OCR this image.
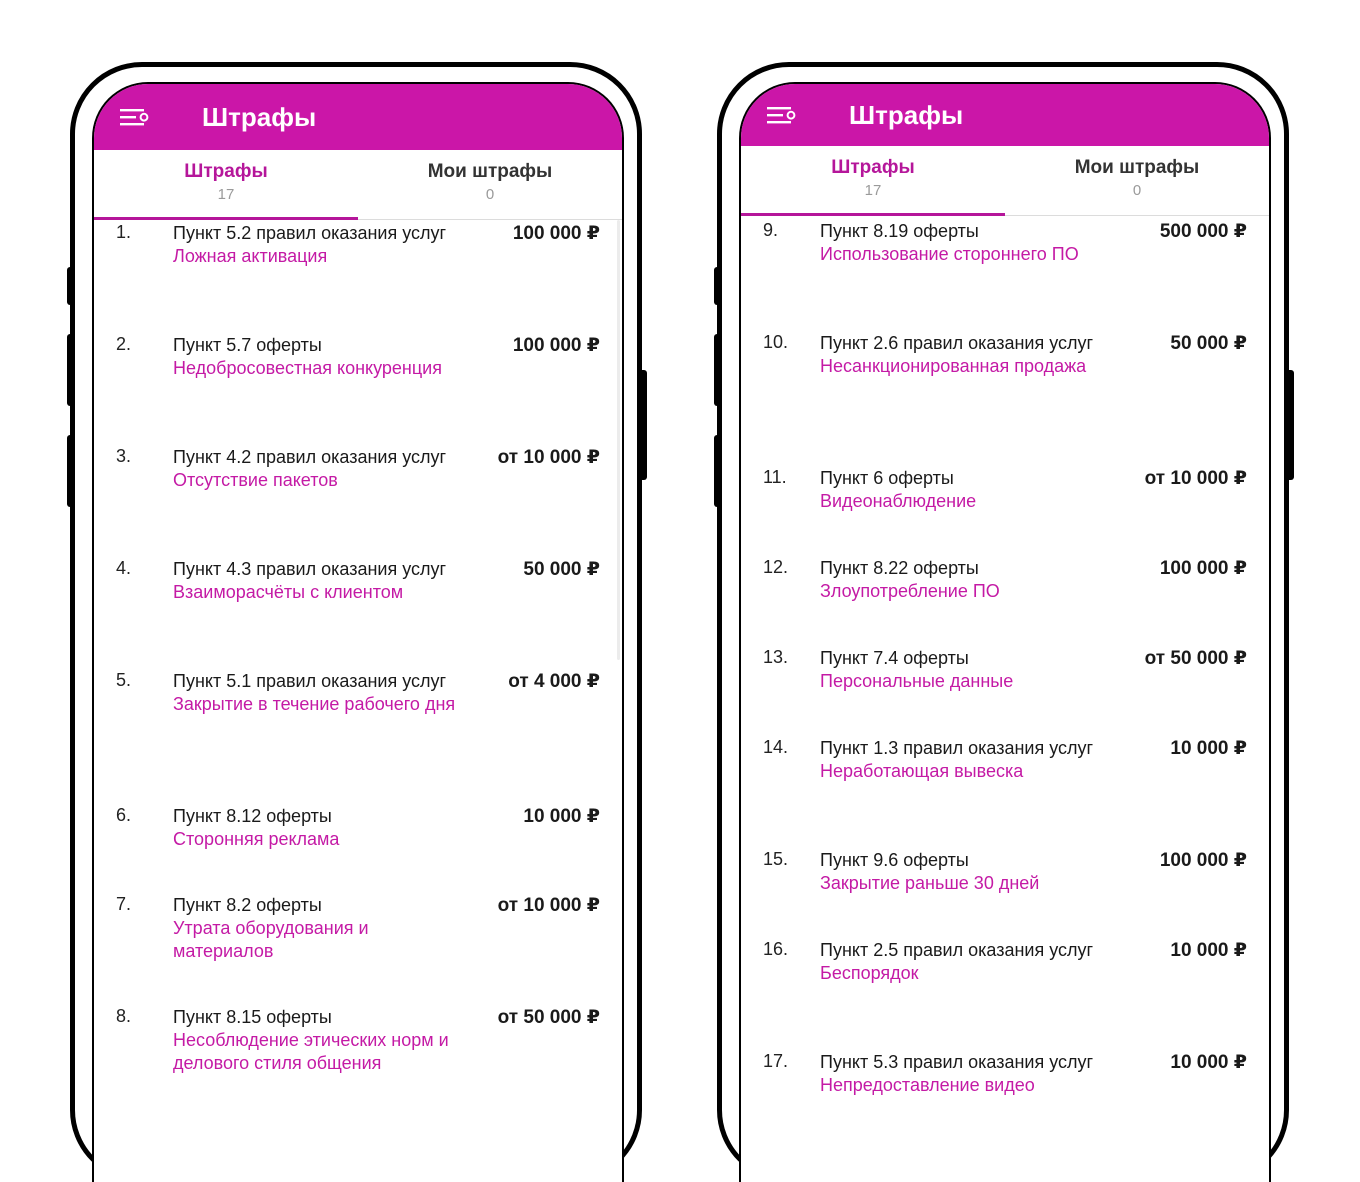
Штрафы
Штрафы
17
Мои штрафы
0
1. Пункт 5.2 правил оказания услуг
Ложная активация
100 000 ₽
2. Пункт 5.7 оферты
Недобросовестная конкуренция
100 000 ₽
3. Пункт 4.2 правил оказания услуг
Отсутствие пакетов
от 10 000 ₽
4. Пункт 4.3 правил оказания услуг
Взаиморасчёты с клиентом
50 000 ₽
5. Пункт 5.1 правил оказания услуг
Закрытие в течение рабочего дня
от 4 000 ₽
6. Пункт 8.12 оферты
Сторонняя реклама
10 000 ₽
7. Пункт 8.2 оферты
Утрата оборудования и материалов
от 10 000 ₽
8. Пункт 8.15 оферты
Несоблюдение этических норм и делового стиля общения
от 50 000 ₽
Штрафы
Штрафы
17
Мои штрафы
0
9. Пункт 8.19 оферты
Использование стороннего ПО
500 000 ₽
10. Пункт 2.6 правил оказания услуг
Несанкционированная продажа
50 000 ₽
11. Пункт 6 оферты
Видеонаблюдение
от 10 000 ₽
12. Пункт 8.22 оферты
Злоупотребление ПО
100 000 ₽
13. Пункт 7.4 оферты
Персональные данные
от 50 000 ₽
14. Пункт 1.3 правил оказания услуг
Неработающая вывеска
10 000 ₽
15. Пункт 9.6 оферты
Закрытие раньше 30 дней
100 000 ₽
16. Пункт 2.5 правил оказания услуг
Беспорядок
10 000 ₽
17. Пункт 5.3 правил оказания услуг
Непредоставление видео
10 000 ₽
